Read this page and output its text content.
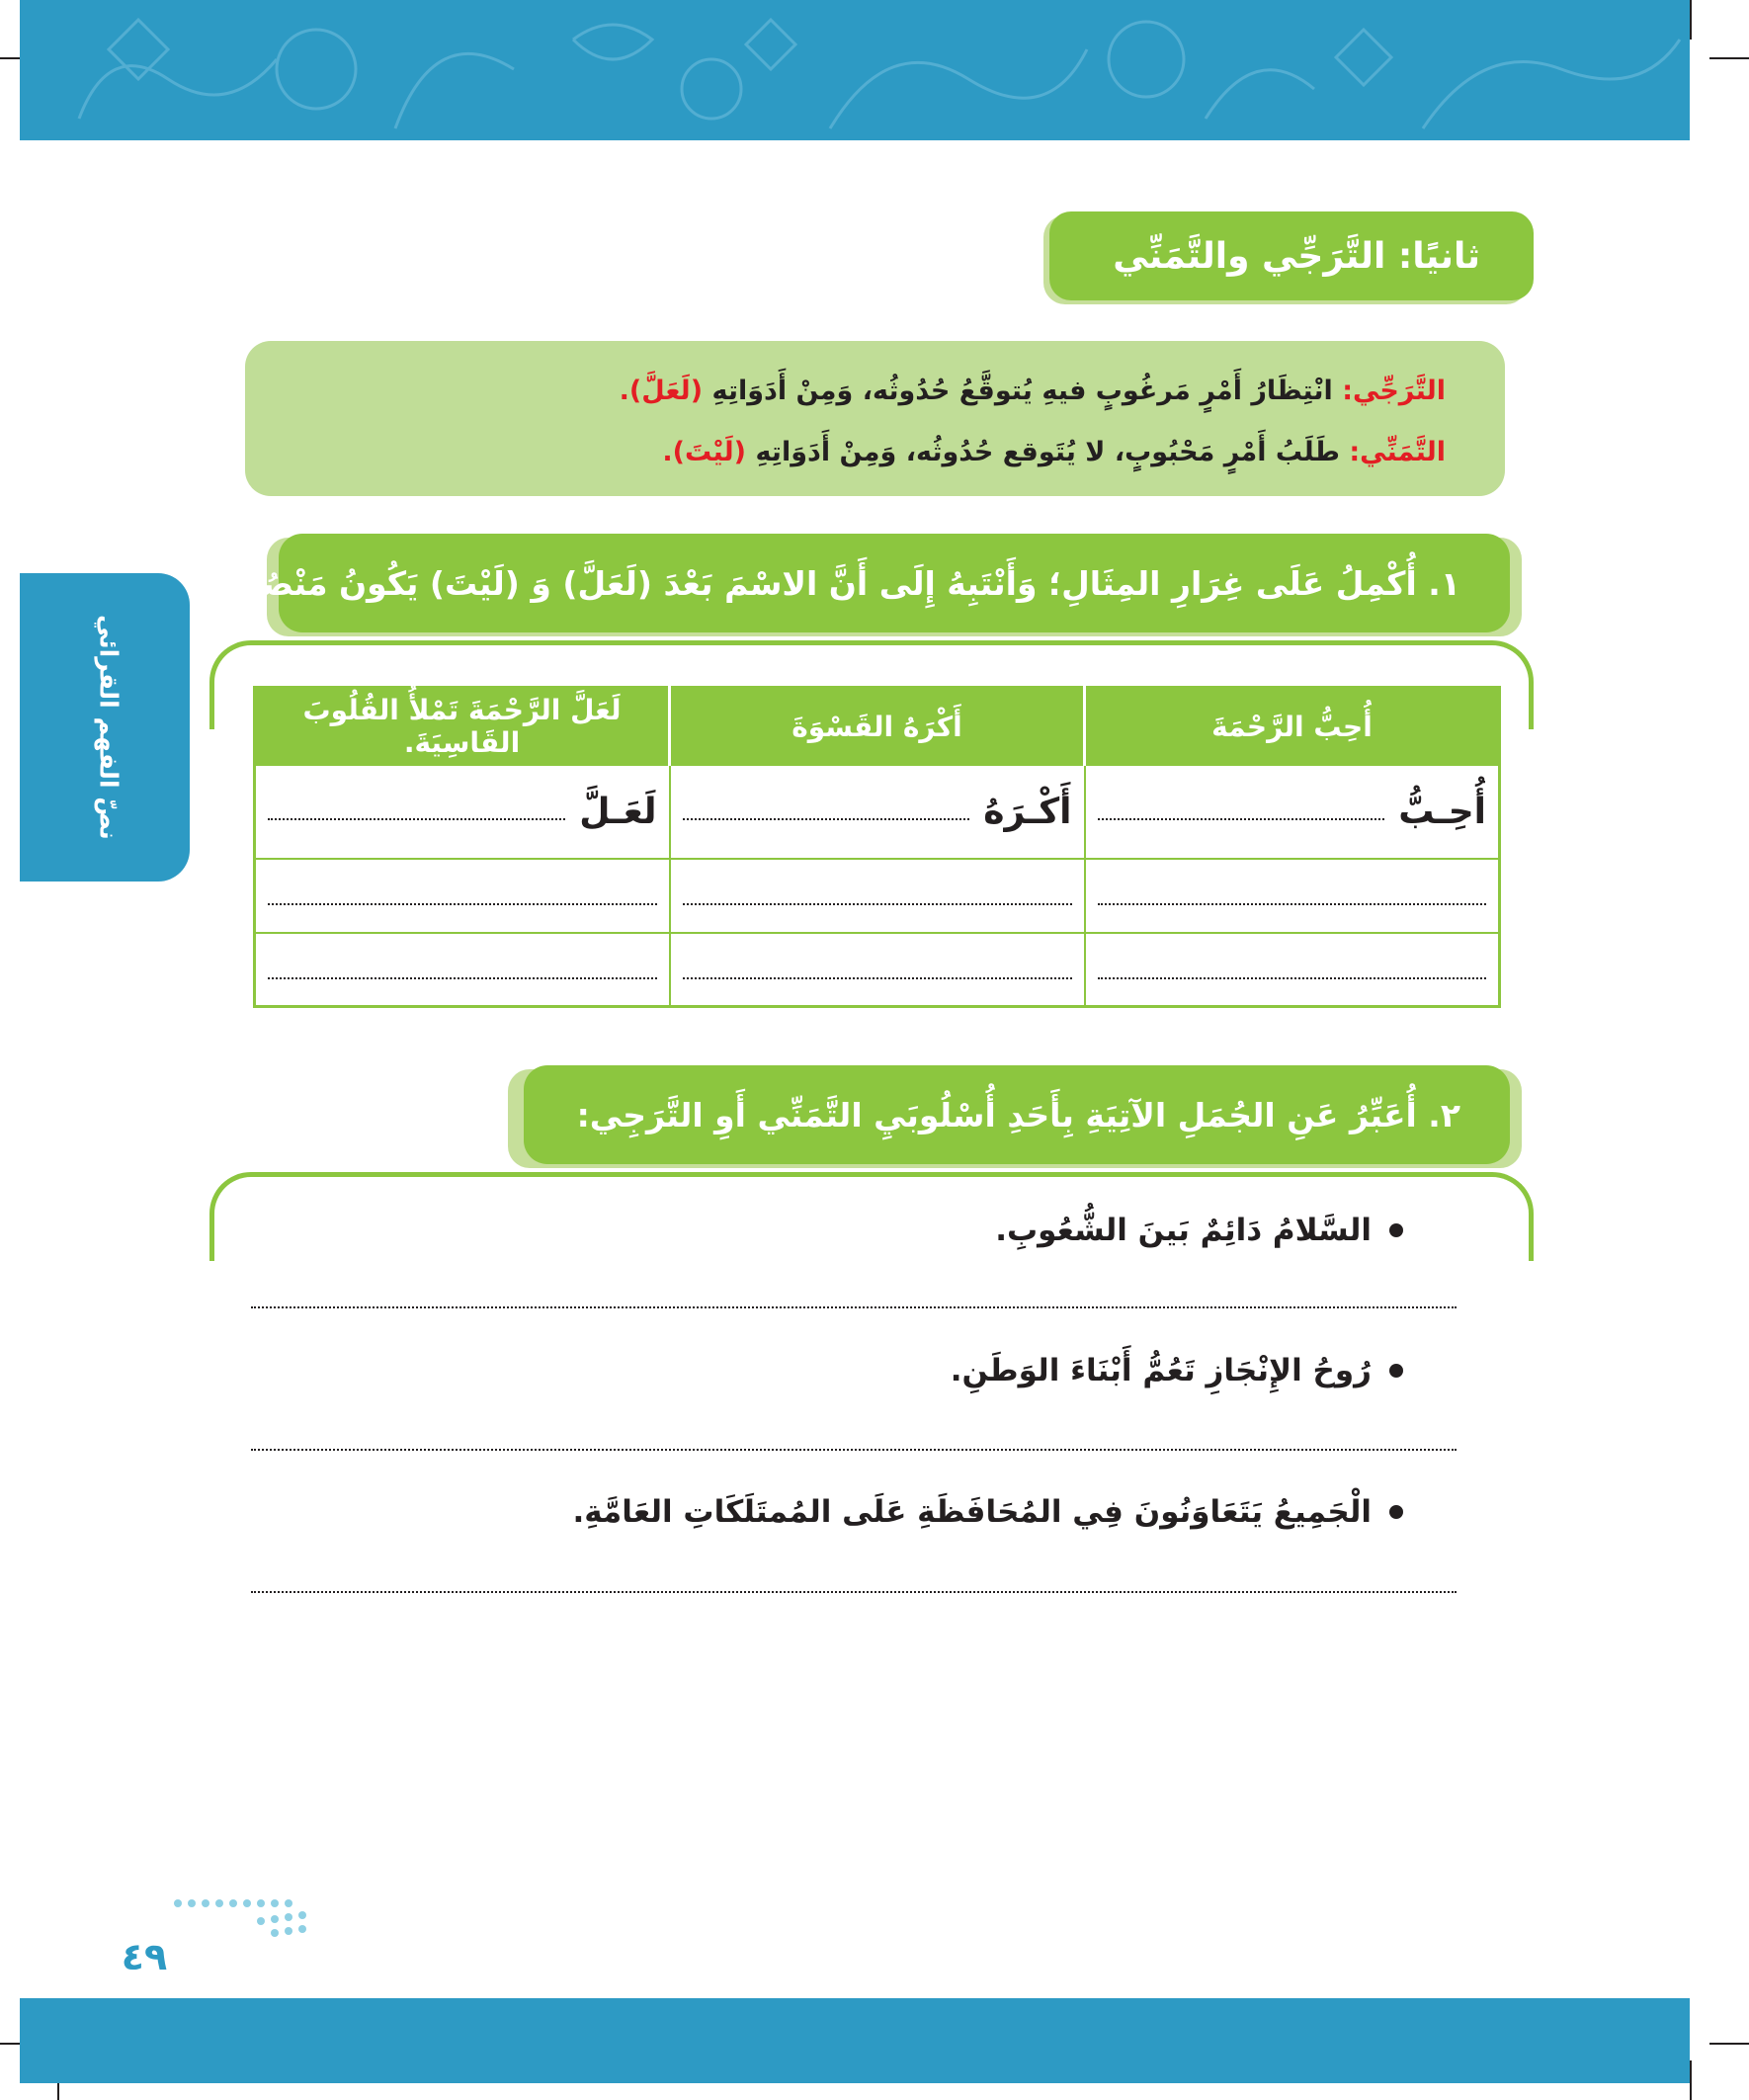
ثانيًا: التَّرَجِّي والتَّمَنِّي
التَّرَجِّي: انْتِظَارُ أَمْرٍ مَرغُوبٍ فيهِ يُتوقَّعُ حُدُوثُه، وَمِنْ أَدَوَاتِهِ (لَعَلَّ).
التَّمَنِّي: طَلَبُ أَمْرٍ مَحْبُوبٍ، لا يُتَوقع حُدُوثُه، وَمِنْ أَدَوَاتِهِ (لَيْتَ).
نصّ الفهم القرائي
١. أُكْمِلُ عَلَى غِرَارِ المِثَالِ؛ وَأَنْتَبِهُ إِلَى أَنَّ الاسْمَ بَعْدَ (لَعَلَّ) وَ (لَيْتَ) يَكُونُ مَنْصُوبًا.
أُحِبُّ الرَّحْمَةَ	أَكْرَهُ القَسْوَةَ	لَعَلَّ الرَّحْمَةَ تَمْلأُ القُلُوبَ القَاسِيَةَ.

أُحِـبُّ	أَكْـرَهُ	لَعَـلَّ

٢. أُعَبِّرُ عَنِ الجُمَلِ الآتِيَةِ بِأَحَدِ أُسْلُوبَيِ التَّمَنِّي أَوِ التَّرَجِي:
السَّلامُ دَائِمٌ بَينَ الشُّعُوبِ.
رُوحُ الإِنْجَازِ تَعُمُّ أَبْنَاءَ الوَطَنِ.
الْجَمِيعُ يَتَعَاوَنُونَ فِي المُحَافَظَةِ عَلَى المُمتَلَكَاتِ العَامَّةِ.
٤٩
